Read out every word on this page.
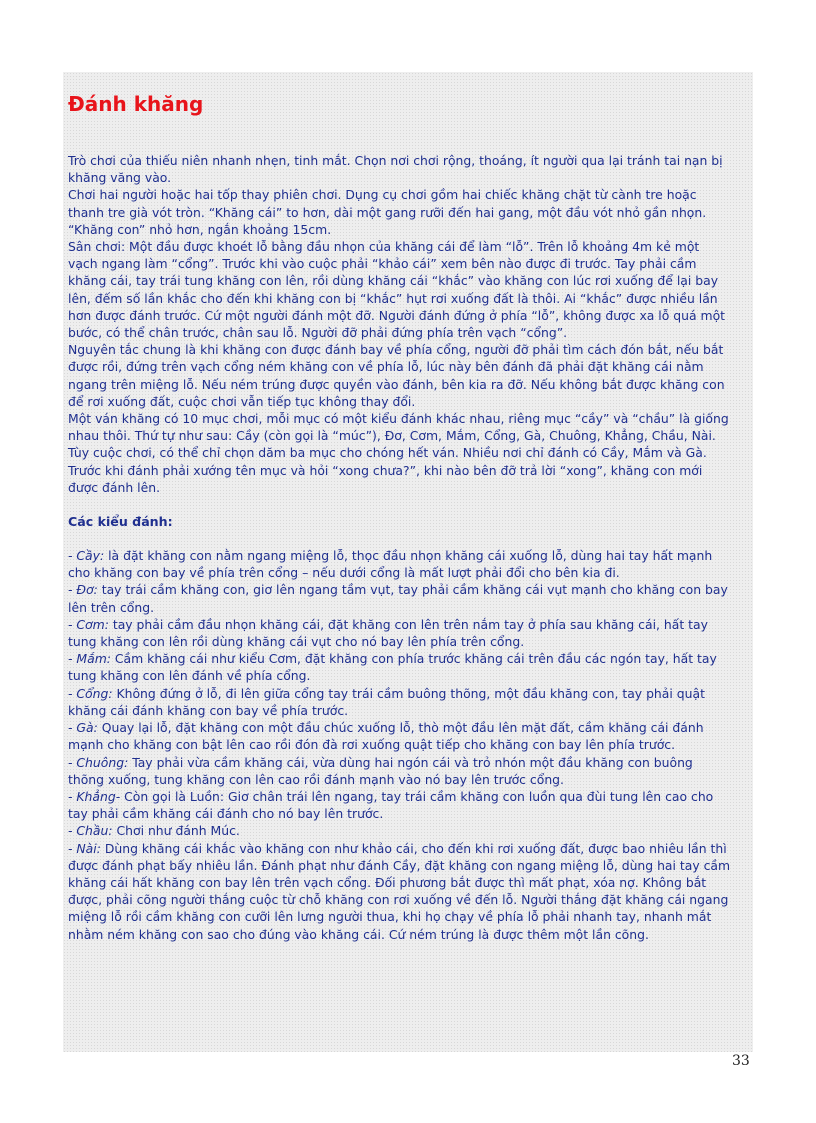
Đánh khăng

Trò chơi của thiếu niên nhanh nhẹn, tinh mắt. Chọn nơi chơi rộng, thoáng, ít người qua lại tránh tai nạn bị khăng văng vào.

Chơi hai người hoặc hai tốp thay phiên chơi. Dụng cụ chơi gồm hai chiếc khăng chặt từ cành tre hoặc thanh tre già vót tròn. “Khăng cái” to hơn, dài một gang rưỡi đến hai gang, một đầu vót nhỏ gần nhọn. “Khăng con” nhỏ hơn, ngắn khoảng 15cm.

Sân chơi: Một đầu được khoét lỗ bằng đầu nhọn của khăng cái để làm “lỗ”. Trên lỗ khoảng 4m kẻ một vạch ngang làm “cổng”. Trước khi vào cuộc phải “khảo cái” xem bên nào được đi trước. Tay phải cầm khăng cái, tay trái tung khăng con lên, rồi dùng khăng cái “khắc” vào khăng con lúc rơi xuống để lại bay lên, đếm số lần khắc cho đến khi khăng con bị “khắc” hụt rơi xuống đất là thôi. Ai “khắc” được nhiều lần hơn được đánh trước. Cứ một người đánh một đỡ. Người đánh đứng ở phía “lỗ”, không được xa lỗ quá một bước, có thể chân trước, chân sau lỗ. Người đỡ phải đứng phía trên vạch “cổng”.

Nguyên tắc chung là khi khăng con được đánh bay về phía cổng, người đỡ phải tìm cách đón bắt, nếu bắt được rồi, đứng trên vạch cổng ném khăng con về phía lỗ, lúc này bên đánh đã phải đặt khăng cái nằm ngang trên miệng lỗ. Nếu ném trúng được quyền vào đánh, bên kia ra đỡ. Nếu không bắt được khăng con để rơi xuống đất, cuộc chơi vẫn tiếp tục không thay đổi.

Một ván khăng có 10 mục chơi, mỗi mục có một kiểu đánh khác nhau, riêng mục “cầy” và “chầu” là giống nhau thôi. Thứ tự như sau: Cầy (còn gọi là “múc”), Đơ, Cơm, Mắm, Cổng, Gà, Chuông, Khẳng, Chầu, Nài.

Tùy cuộc chơi, có thể chỉ chọn dăm ba mục cho chóng hết ván. Nhiều nơi chỉ đánh có Cầy, Mắm và Gà.

Trước khi đánh phải xướng tên mục và hỏi “xong chưa?”, khi nào bên đỡ trả lời “xong”, khăng con mới được đánh lên.

Các kiểu đánh:

- Cầy: là đặt khăng con nằm ngang miệng lỗ, thọc đầu nhọn khăng cái xuống lỗ, dùng hai tay hất mạnh cho khăng con bay về phía trên cổng – nếu dưới cổng là mất lượt phải đổi cho bên kia đi.

- Đơ: tay trái cầm khăng con, giơ lên ngang tầm vụt, tay phải cầm khăng cái vụt mạnh cho khăng con bay lên trên cổng.

- Cơm: tay phải cầm đầu nhọn khăng cái, đặt khăng con lên trên nắm tay ở phía sau khăng cái, hất tay tung khăng con lên rồi dùng khăng cái vụt cho nó bay lên phía trên cổng.

- Mắm: Cầm khăng cái như kiểu Cơm, đặt khăng con phía trước khăng cái trên đầu các ngón tay, hất tay tung khăng con lên đánh về phía cổng.

- Cổng: Không đứng ở lỗ, đi lên giữa cổng tay trái cầm buông thõng, một đầu khăng con, tay phải quật khăng cái đánh khăng con bay về phía trước.

- Gà: Quay lại lỗ, đặt khăng con một đầu chúc xuống lỗ, thò một đầu lên mặt đất, cầm khăng cái đánh mạnh cho khăng con bật lên cao rồi đón đà rơi xuống quật tiếp cho khăng con bay lên phía trước.

- Chuông: Tay phải vừa cầm khăng cái, vừa dùng hai ngón cái và trỏ nhón một đầu khăng con buông thõng xuống, tung khăng con lên cao rồi đánh mạnh vào nó bay lên trước cổng.

- Khẳng- Còn gọi là Luồn: Giơ chân trái lên ngang, tay trái cầm khăng con luồn qua đùi tung lên cao cho tay phải cầm khăng cái đánh cho nó bay lên trước.

- Chầu: Chơi như đánh Múc.

- Nài: Dùng khăng cái khắc vào khăng con như khảo cái, cho đến khi rơi xuống đất, được bao nhiêu lần thì được đánh phạt bấy nhiêu lần. Đánh phạt như đánh Cầy, đặt khăng con ngang miệng lỗ, dùng hai tay cầm khăng cái hất khăng con bay lên trên vạch cổng. Đối phương bắt được thì mất phạt, xóa nợ. Không bắt được, phải cõng người thắng cuộc từ chỗ khăng con rơi xuống về đến lỗ. Người thắng đặt khăng cái ngang miệng lỗ rồi cầm khăng con cưỡi lên lưng người thua, khi họ chạy về phía lỗ phải nhanh tay, nhanh mắt nhằm ném khăng con sao cho đúng vào khăng cái. Cứ ném trúng là được thêm một lần cõng.

33
